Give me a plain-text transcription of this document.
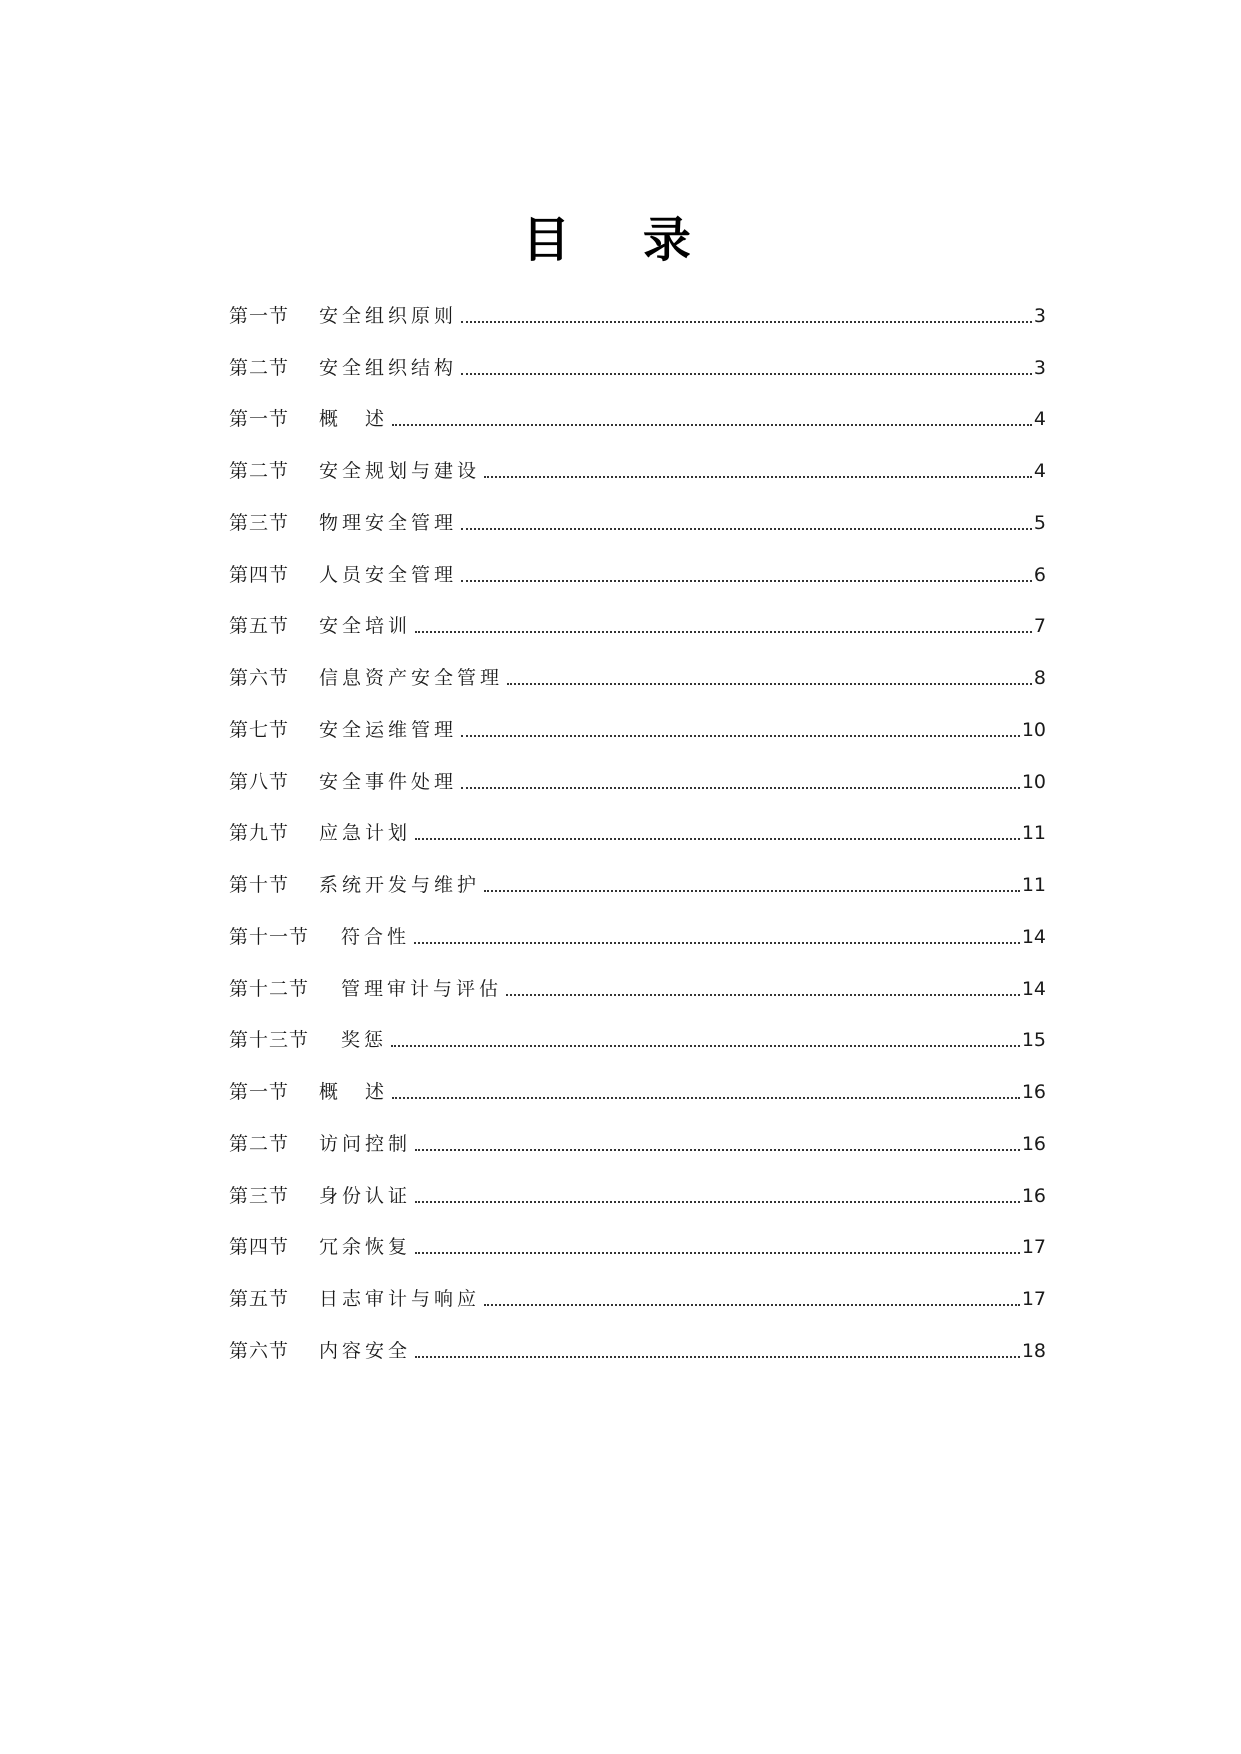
目 录
第一节 安全组织原则	3
第二节 安全组织结构	3
第一节 概　述	4
第二节 安全规划与建设	4
第三节 物理安全管理	5
第四节 人员安全管理	6
第五节 安全培训	7
第六节 信息资产安全管理	8
第七节 安全运维管理	10
第八节 安全事件处理	10
第九节 应急计划	11
第十节 系统开发与维护	11
第十一节 符合性	14
第十二节 管理审计与评估	14
第十三节 奖惩	15
第一节 概　述	16
第二节 访问控制	16
第三节 身份认证	16
第四节 冗余恢复	17
第五节 日志审计与响应	17
第六节 内容安全	18
